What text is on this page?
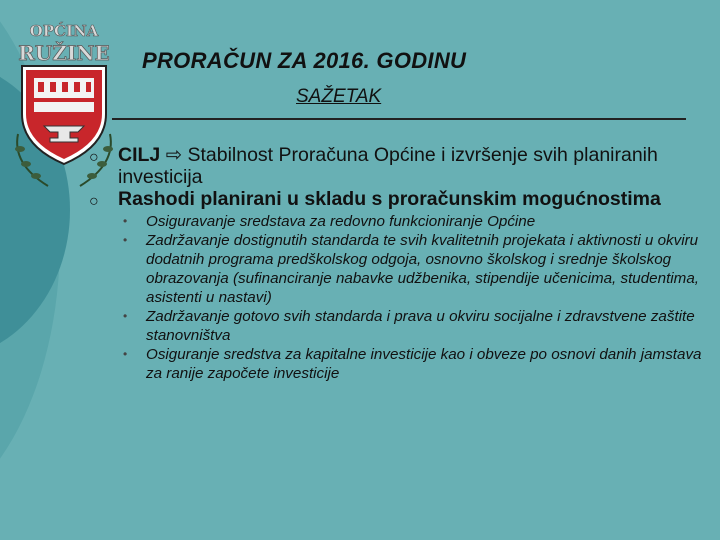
OPĆINA
RUŽINE PRORAČUN ZA 2016. GODINU
SAŽETAK
○ CILJ ⇨ Stabilnost Proračuna Općine i izvršenje svih planiranih investicija
○ Rashodi planirani u skladu s proračunskim mogućnostima
• Osiguravanje sredstava za redovno funkcioniranje Općine
• Zadržavanje dostignutih standarda te svih kvalitetnih projekata i aktivnosti u okviru dodatnih programa predškolskog odgoja, osnovno školskog i srednje školskog obrazovanja (sufinanciranje nabavke udžbenika, stipendije učenicima, studentima, asistenti u nastavi)
• Zadržavanje gotovo svih standarda i prava u okviru socijalne i zdravstvene zaštite stanovništva
• Osiguranje sredstva za kapitalne investicije kao i obveze po osnovi danih jamstava za ranije započete investicije
